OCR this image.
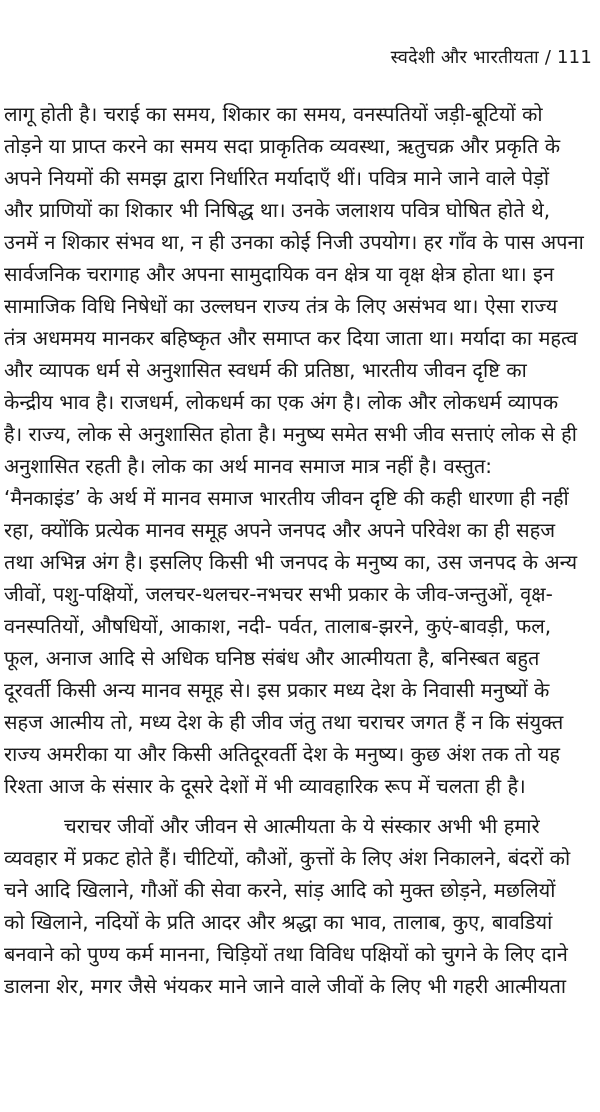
स्वदेशी और भारतीयता / 111
लागू होती है। चराई का समय, शिकार का समय, वनस्पतियों जड़ी-बूटियों को
तोड़ने या प्राप्त करने का समय सदा प्राकृतिक व्यवस्था, ऋतुचक्र और प्रकृति के
अपने नियमों की समझ द्वारा निर्धारित मर्यादाएँ थीं। पवित्र माने जाने वाले पेड़ों
और प्राणियों का शिकार भी निषिद्ध था। उनके जलाशय पवित्र घोषित होते थे,
उनमें न शिकार संभव था, न ही उनका कोई निजी उपयोग। हर गाँव के पास अपना
सार्वजनिक चरागाह और अपना सामुदायिक वन क्षेत्र या वृक्ष क्षेत्र होता था। इन
सामाजिक विधि निषेधों का उल्लघन राज्य तंत्र के लिए असंभव था। ऐसा राज्य
तंत्र अधममय मानकर बहिष्कृत और समाप्त कर दिया जाता था। मर्यादा का महत्व
और व्यापक धर्म से अनुशासित स्वधर्म की प्रतिष्ठा, भारतीय जीवन दृष्टि का
केन्द्रीय भाव है। राजधर्म, लोकधर्म का एक अंग है। लोक और लोकधर्म व्यापक
है। राज्य, लोक से अनुशासित होता है। मनुष्य समेत सभी जीव सत्ताएं लोक से ही
अनुशासित रहती है। लोक का अर्थ मानव समाज मात्र नहीं है। वस्तुत:
‘मैनकाइंड’ के अर्थ में मानव समाज भारतीय जीवन दृष्टि की कही धारणा ही नहीं
रहा, क्योंकि प्रत्येक मानव समूह अपने जनपद और अपने परिवेश का ही सहज
तथा अभिन्न अंग है। इसलिए किसी भी जनपद के मनुष्य का, उस जनपद के अन्य
जीवों, पशु-पक्षियों, जलचर-थलचर-नभचर सभी प्रकार के जीव-जन्तुओं, वृक्ष-
वनस्पतियों, औषधियों, आकाश, नदी- पर्वत, तालाब-झरने, कुएं-बावड़ी, फल,
फूल, अनाज आदि से अधिक घनिष्ठ संबंध और आत्मीयता है, बनिस्बत बहुत
दूरवर्ती किसी अन्य मानव समूह से। इस प्रकार मध्य देश के निवासी मनुष्यों के
सहज आत्मीय तो, मध्य देश के ही जीव जंतु तथा चराचर जगत हैं न कि संयुक्त
राज्य अमरीका या और किसी अतिदूरवर्ती देश के मनुष्य। कुछ अंश तक तो यह
रिश्ता आज के संसार के दूसरे देशों में भी व्यावहारिक रूप में चलता ही है।
चराचर जीवों और जीवन से आत्मीयता के ये संस्कार अभी भी हमारे
व्यवहार में प्रकट होते हैं। चीटियों, कौओं, कुत्तों के लिए अंश निकालने, बंदरों को
चने आदि खिलाने, गौओं की सेवा करने, सांड़ आदि को मुक्त छोड़ने, मछलियों
को खिलाने, नदियों के प्रति आदर और श्रद्धा का भाव, तालाब, कुए, बावडियां
बनवाने को पुण्य कर्म मानना, चिड़ियों तथा विविध पक्षियों को चुगने के लिए दाने
डालना शेर, मगर जैसे भंयकर माने जाने वाले जीवों के लिए भी गहरी आत्मीयता
